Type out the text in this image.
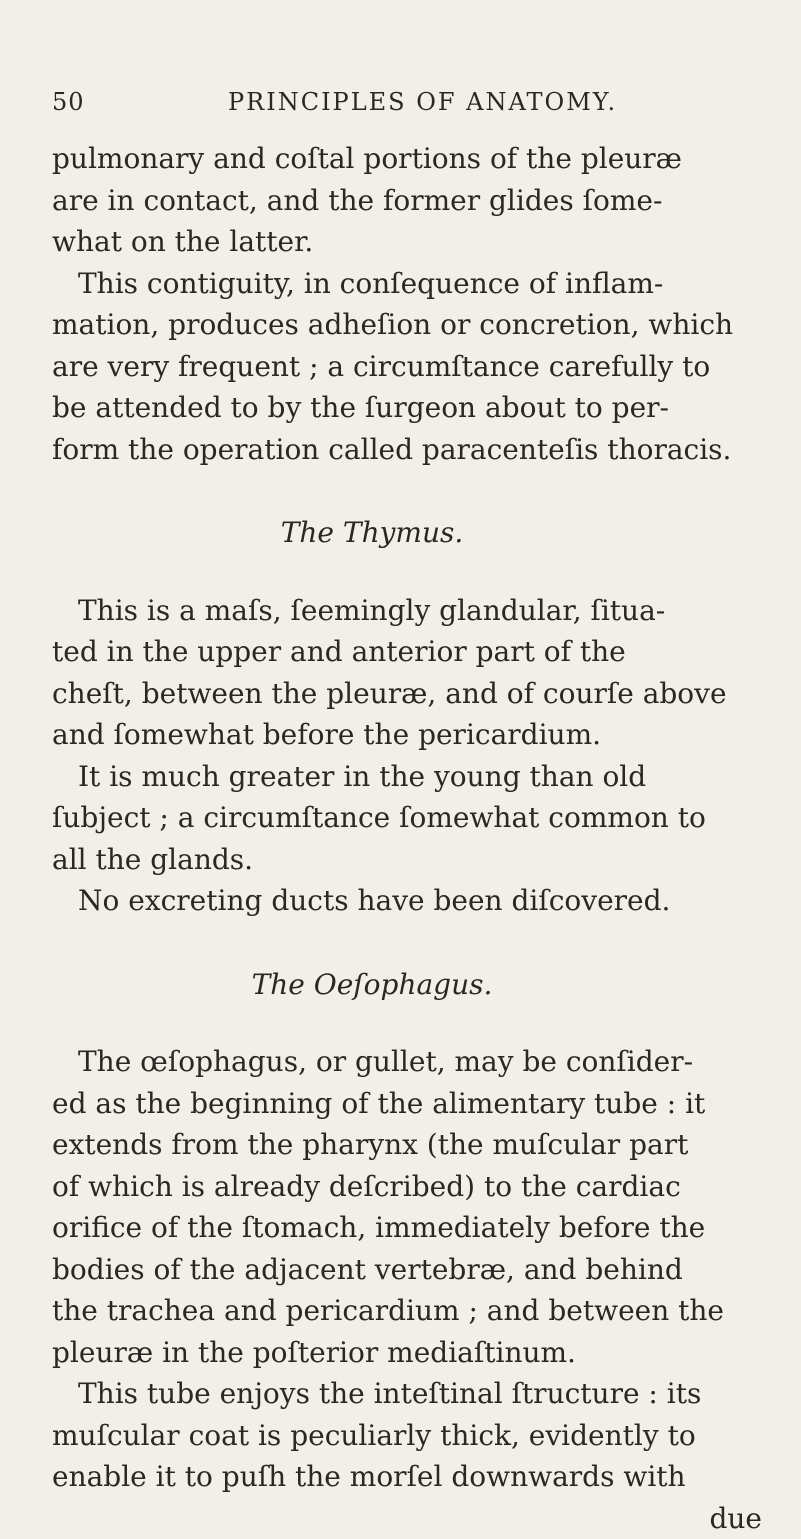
50	PRINCIPLES OF ANATOMY.
pulmonary and coſtal portions of the pleuræ
are in contact, and the former glides ſome-
what on the latter.
This contiguity, in conſequence of inflam-
mation, produces adheſion or concretion, which
are very frequent ; a circumſtance carefully to
be attended to by the ſurgeon about to per-
form the operation called paracenteſis thoracis.
The Thymus.
This is a maſs, ſeemingly glandular, ſitua-
ted in the upper and anterior part of the
cheſt, between the pleuræ, and of courſe above
and ſomewhat before the pericardium.
It is much greater in the young than old
ſubject ; a circumſtance ſomewhat common to
all the glands.
No excreting ducts have been diſcovered.
The Oeſophagus.
The œſophagus, or gullet, may be conſider-
ed as the beginning of the alimentary tube : it
extends from the pharynx (the muſcular part
of which is already deſcribed) to the cardiac
orifice of the ſtomach, immediately before the
bodies of the adjacent vertebræ, and behind
the trachea and pericardium ; and between the
pleuræ in the poſterior mediaſtinum.
This tube enjoys the inteſtinal ſtructure : its
muſcular coat is peculiarly thick, evidently to
enable it to puſh the morſel downwards with
due
